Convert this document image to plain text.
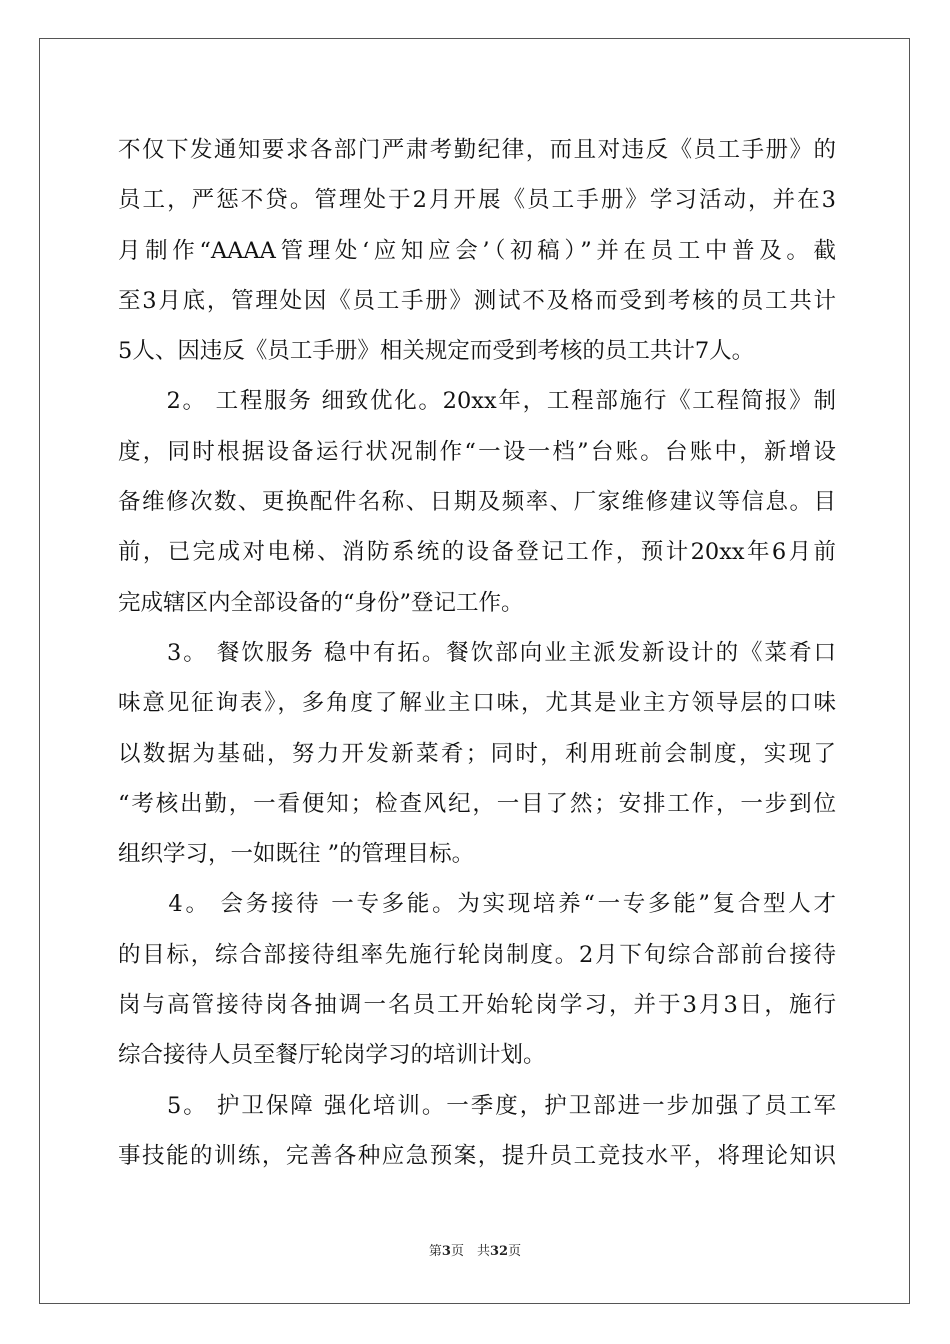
不仅下发通知要求各部门严肃考勤纪律，而且对违反《员工手册》的
员工，严惩不贷。管理处于2月开展《员工手册》学习活动，并在3
月制作“AAAA管理处‘应知应会’（初稿）”并在员工中普及。截
至3月底，管理处因《员工手册》测试不及格而受到考核的员工共计
5人、因违反《员工手册》相关规定而受到考核的员工共计7人。
　　2。 工程服务 细致优化。20xx年，工程部施行《工程简报》制
度，同时根据设备运行状况制作“一设一档”台账。台账中，新增设
备维修次数、更换配件名称、日期及频率、厂家维修建议等信息。目
前，已完成对电梯、消防系统的设备登记工作，预计20xx年6月前
完成辖区内全部设备的“身份”登记工作。
　　3。 餐饮服务 稳中有拓。餐饮部向业主派发新设计的《菜肴口
味意见征询表》，多角度了解业主口味，尤其是业主方领导层的口味
以数据为基础，努力开发新菜肴；同时，利用班前会制度，实现了
“考核出勤，一看便知；检查风纪，一目了然；安排工作，一步到位
组织学习，一如既往 ”的管理目标。
　　4。 会务接待 一专多能。为实现培养“一专多能”复合型人才
的目标，综合部接待组率先施行轮岗制度。2月下旬综合部前台接待
岗与高管接待岗各抽调一名员工开始轮岗学习，并于3月3日，施行
综合接待人员至餐厅轮岗学习的培训计划。
　　5。 护卫保障 强化培训。一季度，护卫部进一步加强了员工军
事技能的训练，完善各种应急预案，提升员工竞技水平，将理论知识
第3页　共32页
